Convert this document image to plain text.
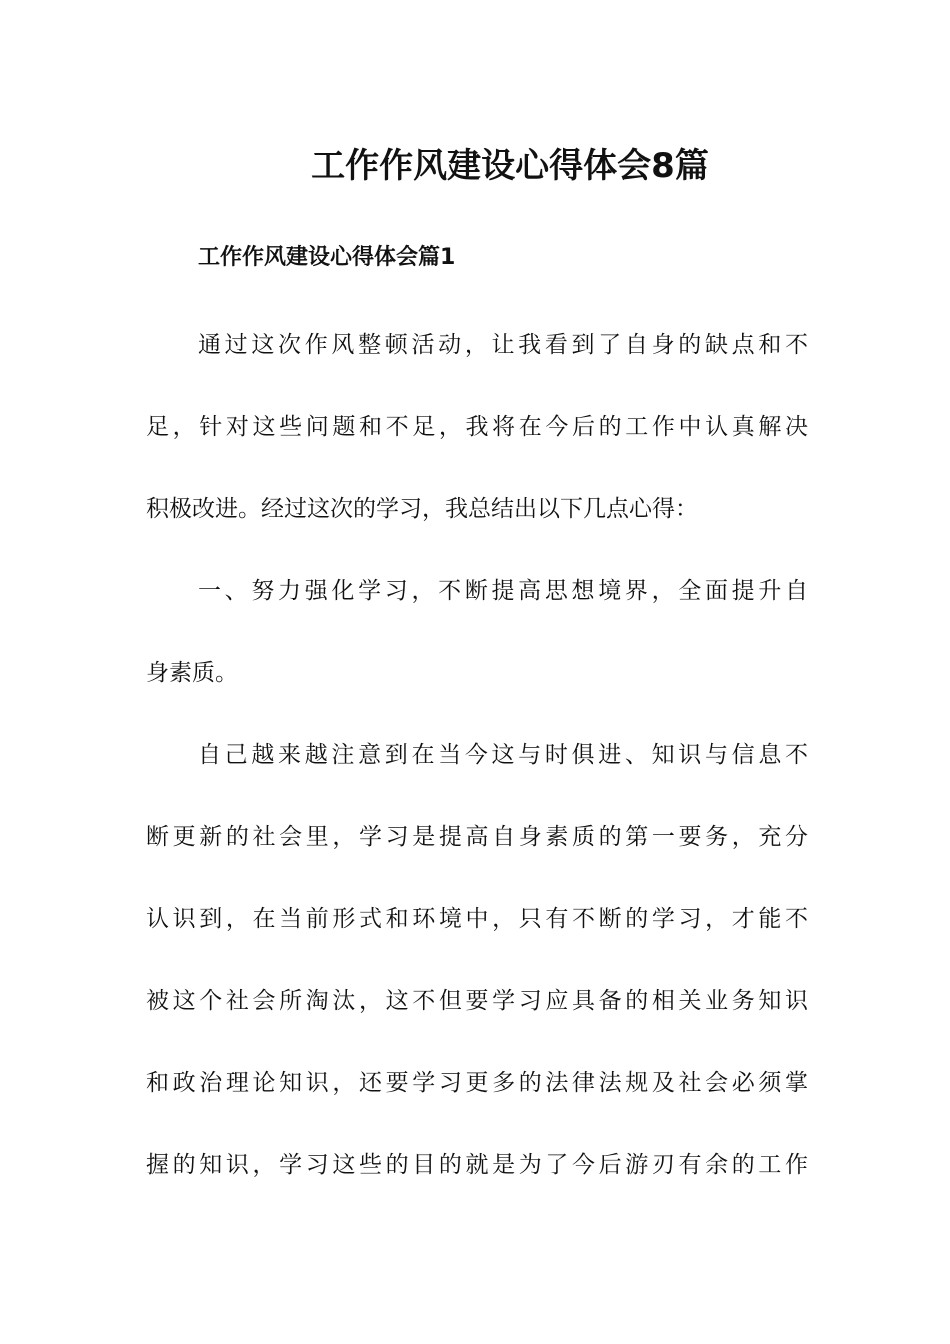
工作作风建设心得体会8篇
工作作风建设心得体会篇1
通过这次作风整顿活动，让我看到了自身的缺点和不
足，针对这些问题和不足，我将在今后的工作中认真解决
积极改进。经过这次的学习，我总结出以下几点心得：
一、努力强化学习，不断提高思想境界，全面提升自
身素质。
自己越来越注意到在当今这与时俱进、知识与信息不
断更新的社会里，学习是提高自身素质的第一要务，充分
认识到，在当前形式和环境中，只有不断的学习，才能不
被这个社会所淘汰，这不但要学习应具备的相关业务知识
和政治理论知识，还要学习更多的法律法规及社会必须掌
握的知识，学习这些的目的就是为了今后游刃有余的工作
